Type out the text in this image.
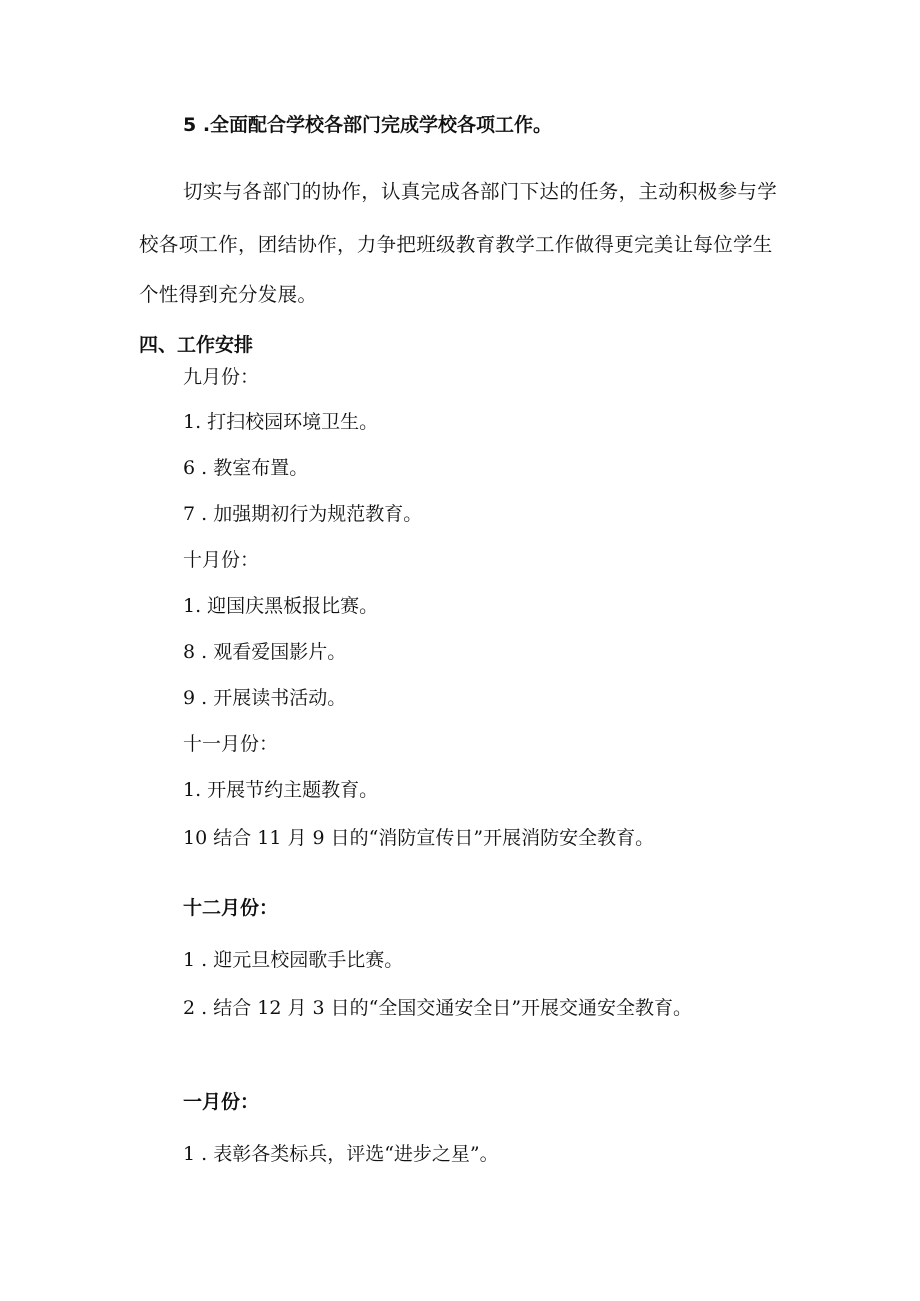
5 .全面配合学校各部门完成学校各项工作。
切实与各部门的协作，认真完成各部门下达的任务，主动积极参与学
校各项工作，团结协作，力争把班级教育教学工作做得更完美让每位学生
个性得到充分发展。
四、工作安排
九月份：
1. 打扫校园环境卫生。
6 . 教室布置。
7 . 加强期初行为规范教育。
十月份：
1. 迎国庆黑板报比赛。
8 . 观看爱国影片。
9 . 开展读书活动。
十一月份：
1. 开展节约主题教育。
10 结合 11 月 9 日的“消防宣传日”开展消防安全教育。
十二月份：
1 . 迎元旦校园歌手比赛。
2 . 结合 12 月 3 日的“全国交通安全日”开展交通安全教育。
一月份：
1 . 表彰各类标兵，评选“进步之星”。
